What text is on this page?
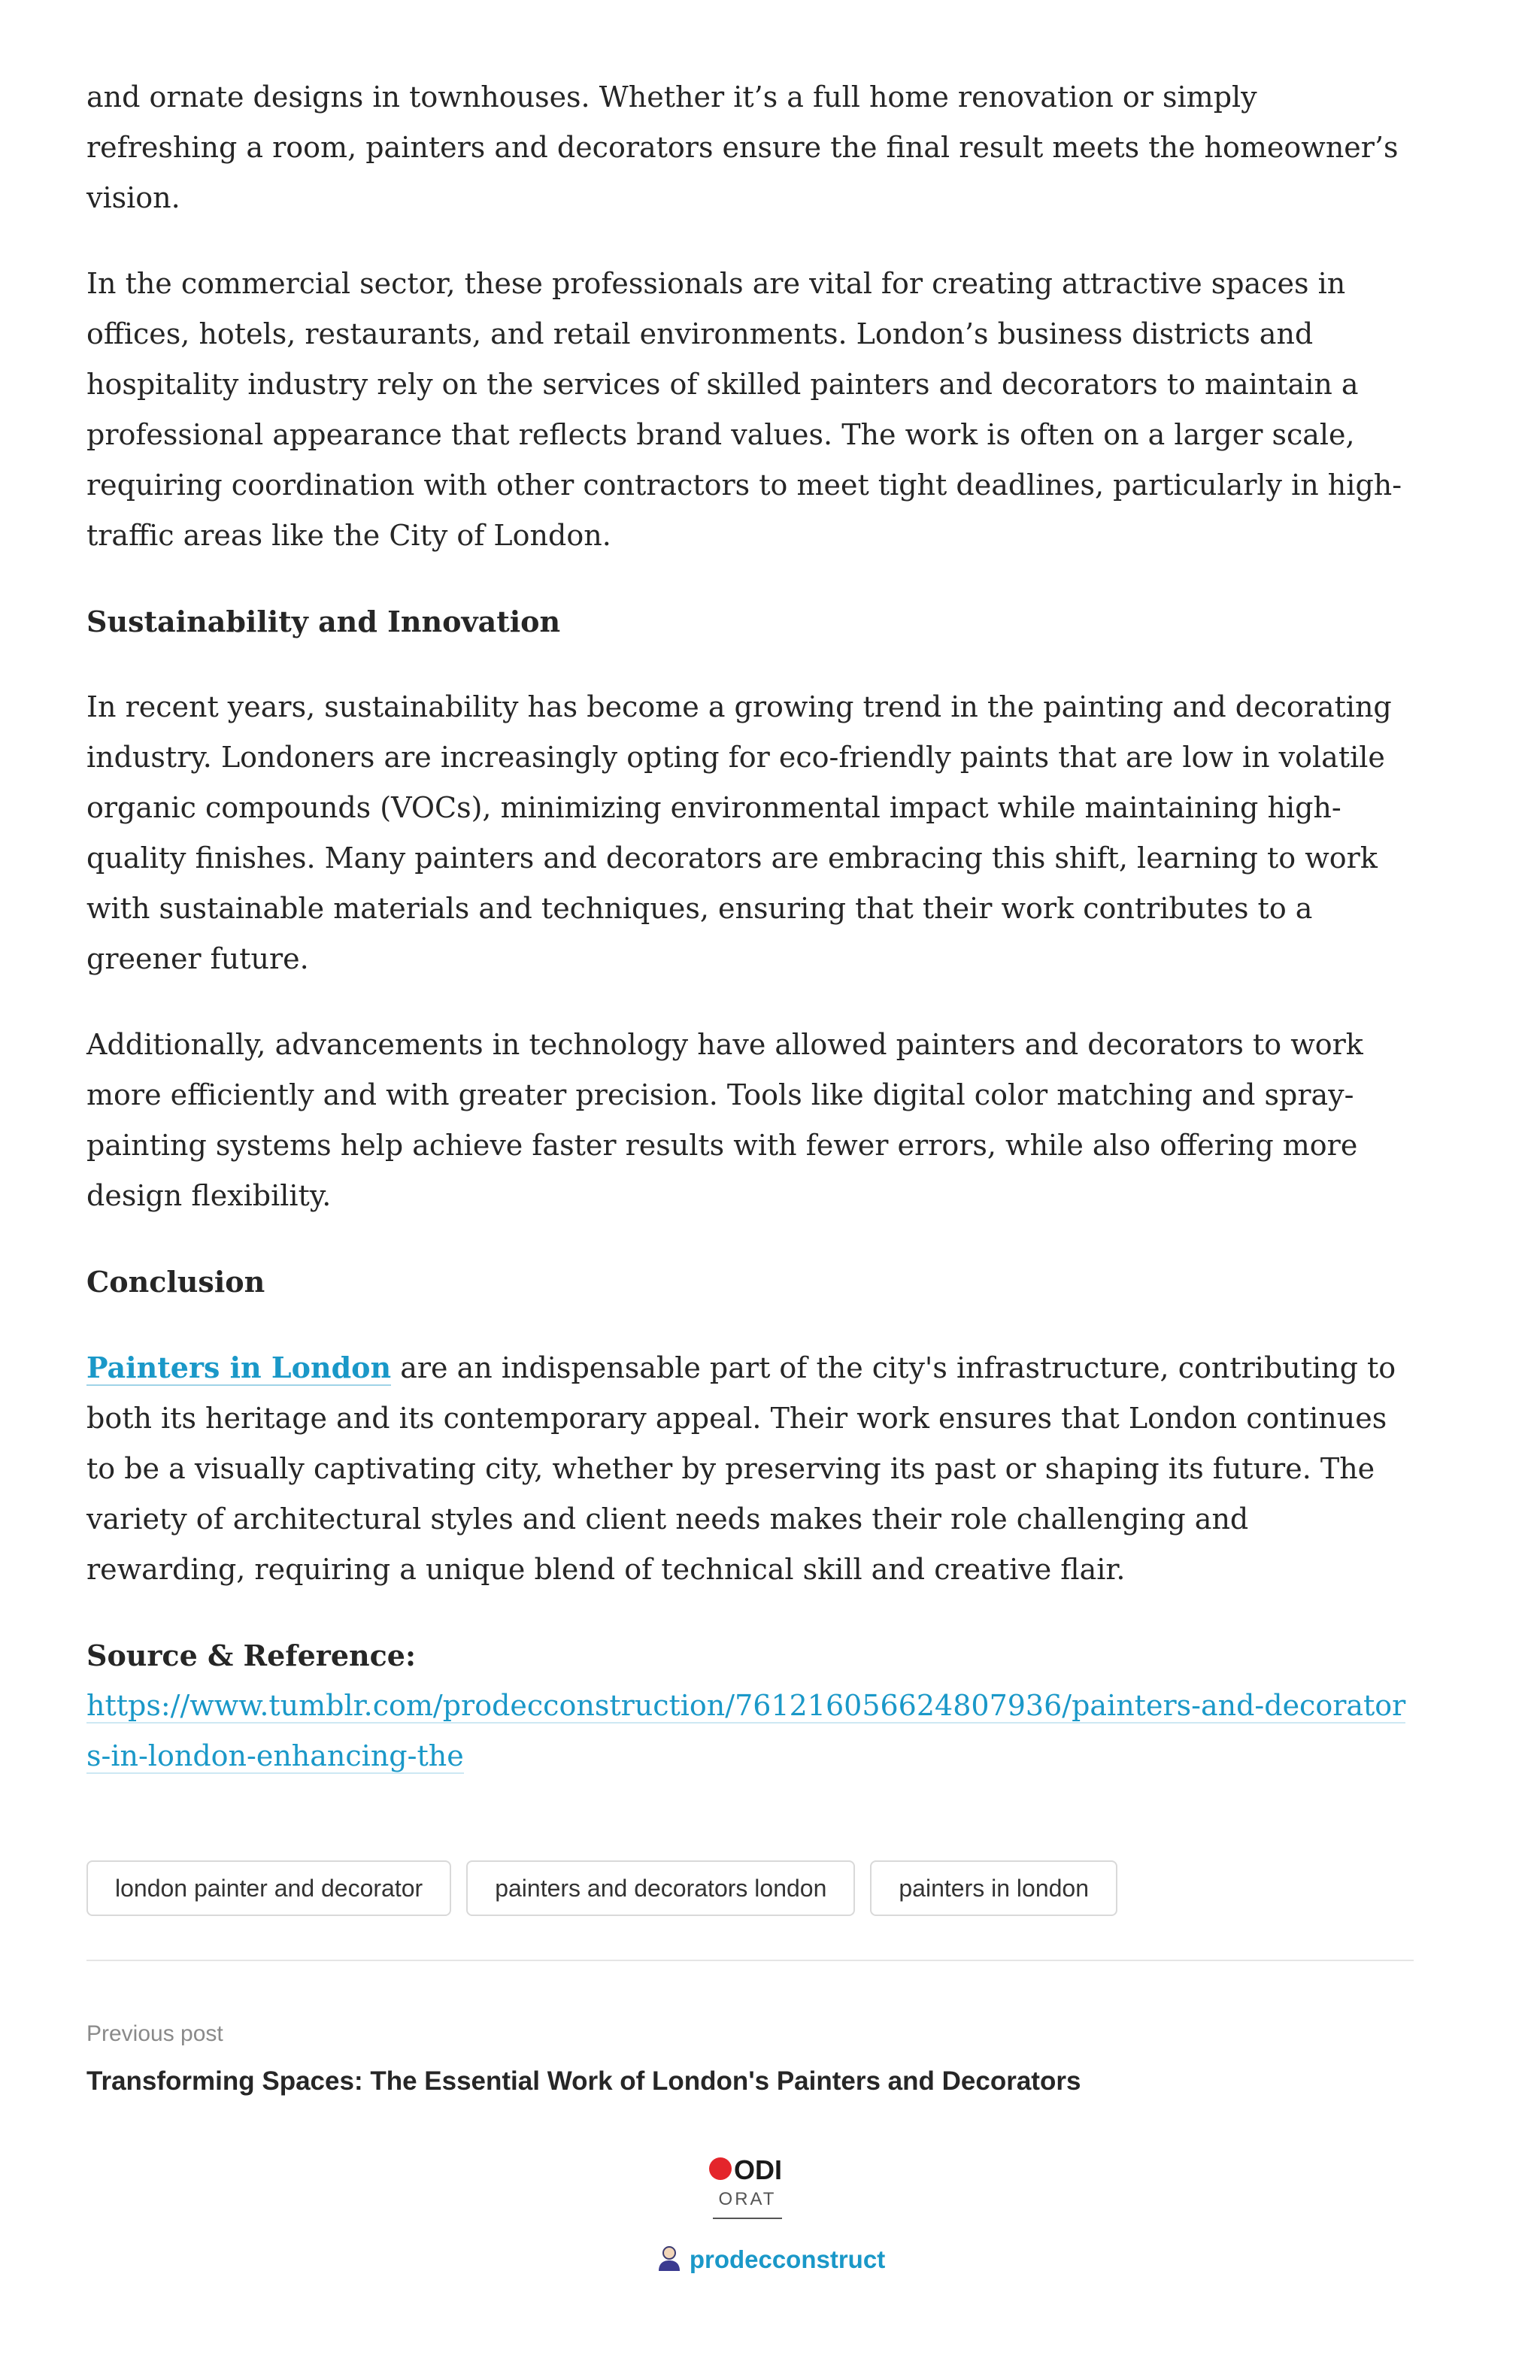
and ornate designs in townhouses. Whether it’s a full home renovation or simply refreshing a room, painters and decorators ensure the final result meets the homeowner’s vision.

In the commercial sector, these professionals are vital for creating attractive spaces in offices, hotels, restaurants, and retail environments. London’s business districts and hospitality industry rely on the services of skilled painters and decorators to maintain a professional appearance that reflects brand values. The work is often on a larger scale, requiring coordination with other contractors to meet tight deadlines, particularly in high-traffic areas like the City of London.

Sustainability and Innovation

In recent years, sustainability has become a growing trend in the painting and decorating industry. Londoners are increasingly opting for eco-friendly paints that are low in volatile organic compounds (VOCs), minimizing environmental impact while maintaining high-quality finishes. Many painters and decorators are embracing this shift, learning to work with sustainable materials and techniques, ensuring that their work contributes to a greener future.

Additionally, advancements in technology have allowed painters and decorators to work more efficiently and with greater precision. Tools like digital color matching and spray-painting systems help achieve faster results with fewer errors, while also offering more design flexibility.

Conclusion

Painters in London are an indispensable part of the city's infrastructure, contributing to both its heritage and its contemporary appeal. Their work ensures that London continues to be a visually captivating city, whether by preserving its past or shaping its future. The variety of architectural styles and client needs makes their role challenging and rewarding, requiring a unique blend of technical skill and creative flair.

Source & Reference:
https://www.tumblr.com/prodecconstruction/761216056624807936/painters-and-decorators-in-london-enhancing-the

london painter and decorator	painters and decorators london	painters in london
Previous post
Transforming Spaces: The Essential Work of London's Painters and Decorators
ODI
ORAT
prodecconstruct
